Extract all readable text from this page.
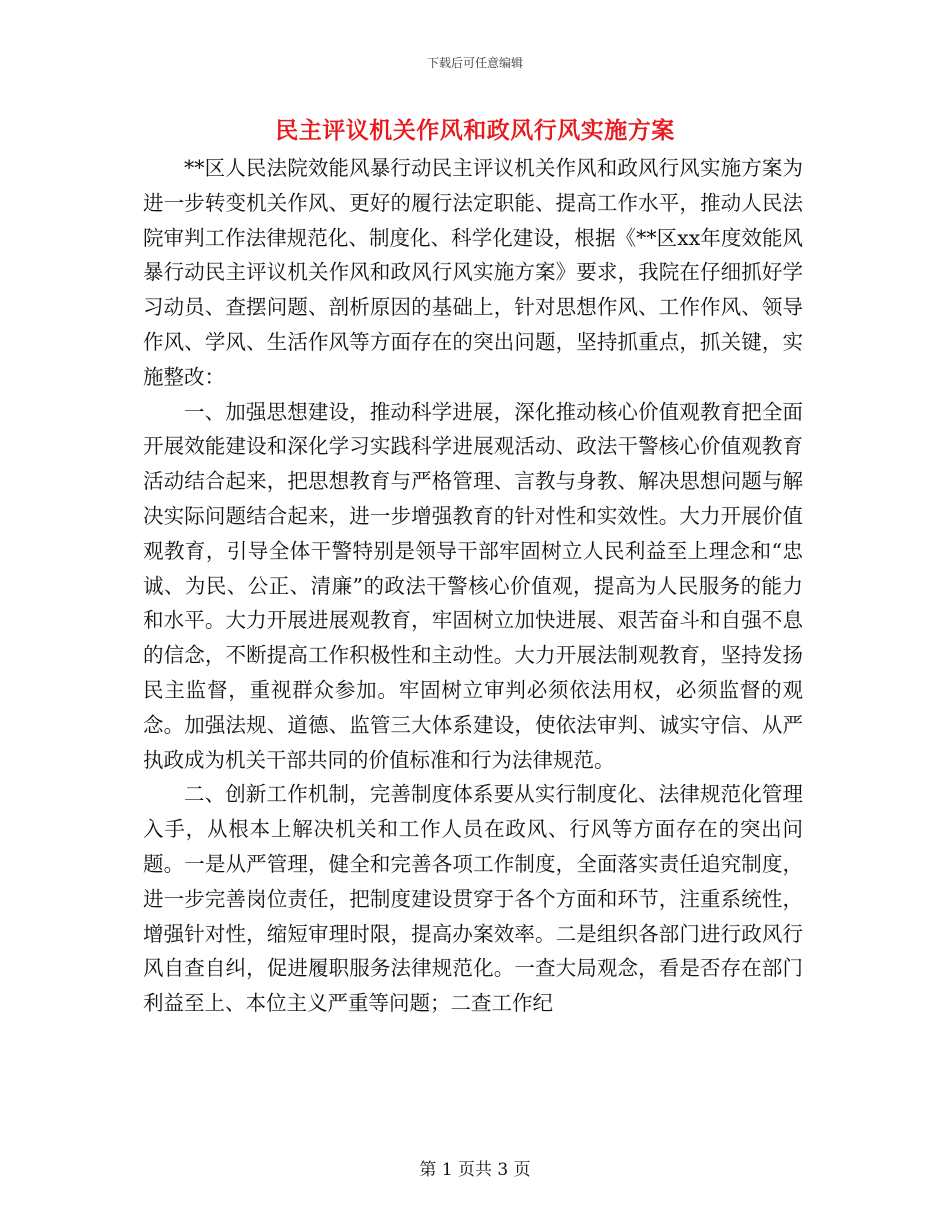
下载后可任意编辑
民主评议机关作风和政风行风实施方案

**区人民法院效能风暴行动民主评议机关作风和政风行风实施方案为进一步转变机关作风、更好的履行法定职能、提高工作水平，推动人民法院审判工作法律规范化、制度化、科学化建设，根据《**区xx年度效能风暴行动民主评议机关作风和政风行风实施方案》要求，我院在仔细抓好学习动员、查摆问题、剖析原因的基础上，针对思想作风、工作作风、领导作风、学风、生活作风等方面存在的突出问题，坚持抓重点，抓关键，实施整改：

一、加强思想建设，推动科学进展，深化推动核心价值观教育把全面开展效能建设和深化学习实践科学进展观活动、政法干警核心价值观教育活动结合起来，把思想教育与严格管理、言教与身教、解决思想问题与解决实际问题结合起来，进一步增强教育的针对性和实效性。大力开展价值观教育，引导全体干警特别是领导干部牢固树立人民利益至上理念和“忠诚、为民、公正、清廉”的政法干警核心价值观，提高为人民服务的能力和水平。大力开展进展观教育，牢固树立加快进展、艰苦奋斗和自强不息的信念，不断提高工作积极性和主动性。大力开展法制观教育，坚持发扬民主监督，重视群众参加。牢固树立审判必须依法用权，必须监督的观念。加强法规、道德、监管三大体系建设，使依法审判、诚实守信、从严执政成为机关干部共同的价值标准和行为法律规范。

二、创新工作机制，完善制度体系要从实行制度化、法律规范化管理入手，从根本上解决机关和工作人员在政风、行风等方面存在的突出问题。一是从严管理，健全和完善各项工作制度，全面落实责任追究制度，进一步完善岗位责任，把制度建设贯穿于各个方面和环节，注重系统性，增强针对性，缩短审理时限，提高办案效率。二是组织各部门进行政风行风自查自纠，促进履职服务法律规范化。一查大局观念，看是否存在部门利益至上、本位主义严重等问题；二查工作纪

第 1 页共 3 页
